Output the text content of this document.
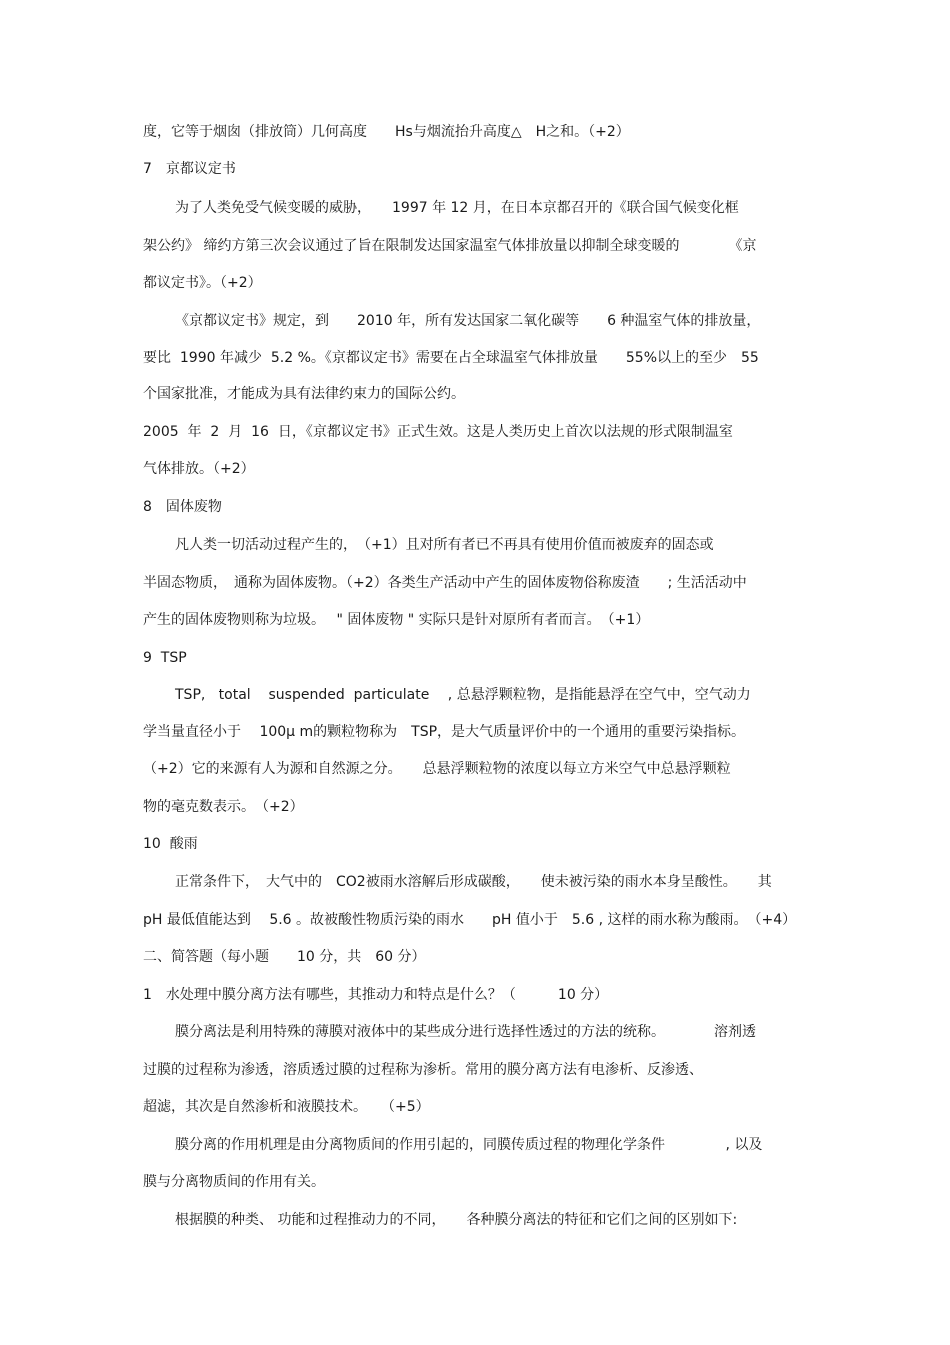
度，它等于烟囱（排放筒）几何高度　　Hs与烟流抬升高度△　H之和。（+2）
7　京都议定书
为了人类免受气候变暖的威胁，　　1997 年 12 月，在日本京都召开的《联合国气候变化框
架公约》 缔约方第三次会议通过了旨在限制发达国家温室气体排放量以抑制全球变暖的　　　　《京
都议定书》。（+2）
《京都议定书》规定，到　　2010 年，所有发达国家二氧化碳等　　6 种温室气体的排放量，
要比  1990 年减少  5.2 %。《京都议定书》需要在占全球温室气体排放量　　55%以上的至少　55
个国家批准，才能成为具有法律约束力的国际公约。
2005  年  2  月  16  日，《京都议定书》正式生效。这是人类历史上首次以法规的形式限制温室
气体排放。（+2）
8　固体废物
凡人类一切活动过程产生的，　（+1）且对所有者已不再具有使用价值而被废弃的固态或
半固态物质，　通称为固体废物。（+2）各类生产活动中产生的固体废物俗称废渣　　; 生活活动中
产生的固体废物则称为垃圾。　 " 固体废物 " 实际只是针对原所有者而言。　（+1）
9  TSP
TSP,   total    suspended  particulate　 , 总悬浮颗粒物，是指能悬浮在空气中，空气动力
学当量直径小于　 100μ m的颗粒物称为　TSP，是大气质量评价中的一个通用的重要污染指标。
（+2）它的来源有人为源和自然源之分。　　总悬浮颗粒物的浓度以每立方米空气中总悬浮颗粒
物的毫克数表示。　（+2）
10  酸雨
正常条件下，　大气中的　CO2被雨水溶解后形成碳酸，　　使未被污染的雨水本身呈酸性。　　其
pH 最低值能达到　 5.6 。故被酸性物质污染的雨水　　pH 值小于　5.6 , 这样的雨水称为酸雨。　（+4）
二、简答题（每小题　　10 分，共　60 分）
1　水处理中膜分离方法有哪些，其推动力和特点是什么？（　　　10 分）
膜分离法是利用特殊的薄膜对液体中的某些成分进行选择性透过的方法的统称。　　　　溶剂透
过膜的过程称为渗透，溶质透过膜的过程称为渗析。常用的膜分离方法有电渗析、反渗透、
超滤，其次是自然渗析和液膜技术。　　（+5）
膜分离的作用机理是由分离物质间的作用引起的，同膜传质过程的物理化学条件　　　　 , 以及
膜与分离物质间的作用有关。
根据膜的种类、 功能和过程推动力的不同，　　各种膜分离法的特征和它们之间的区别如下:
